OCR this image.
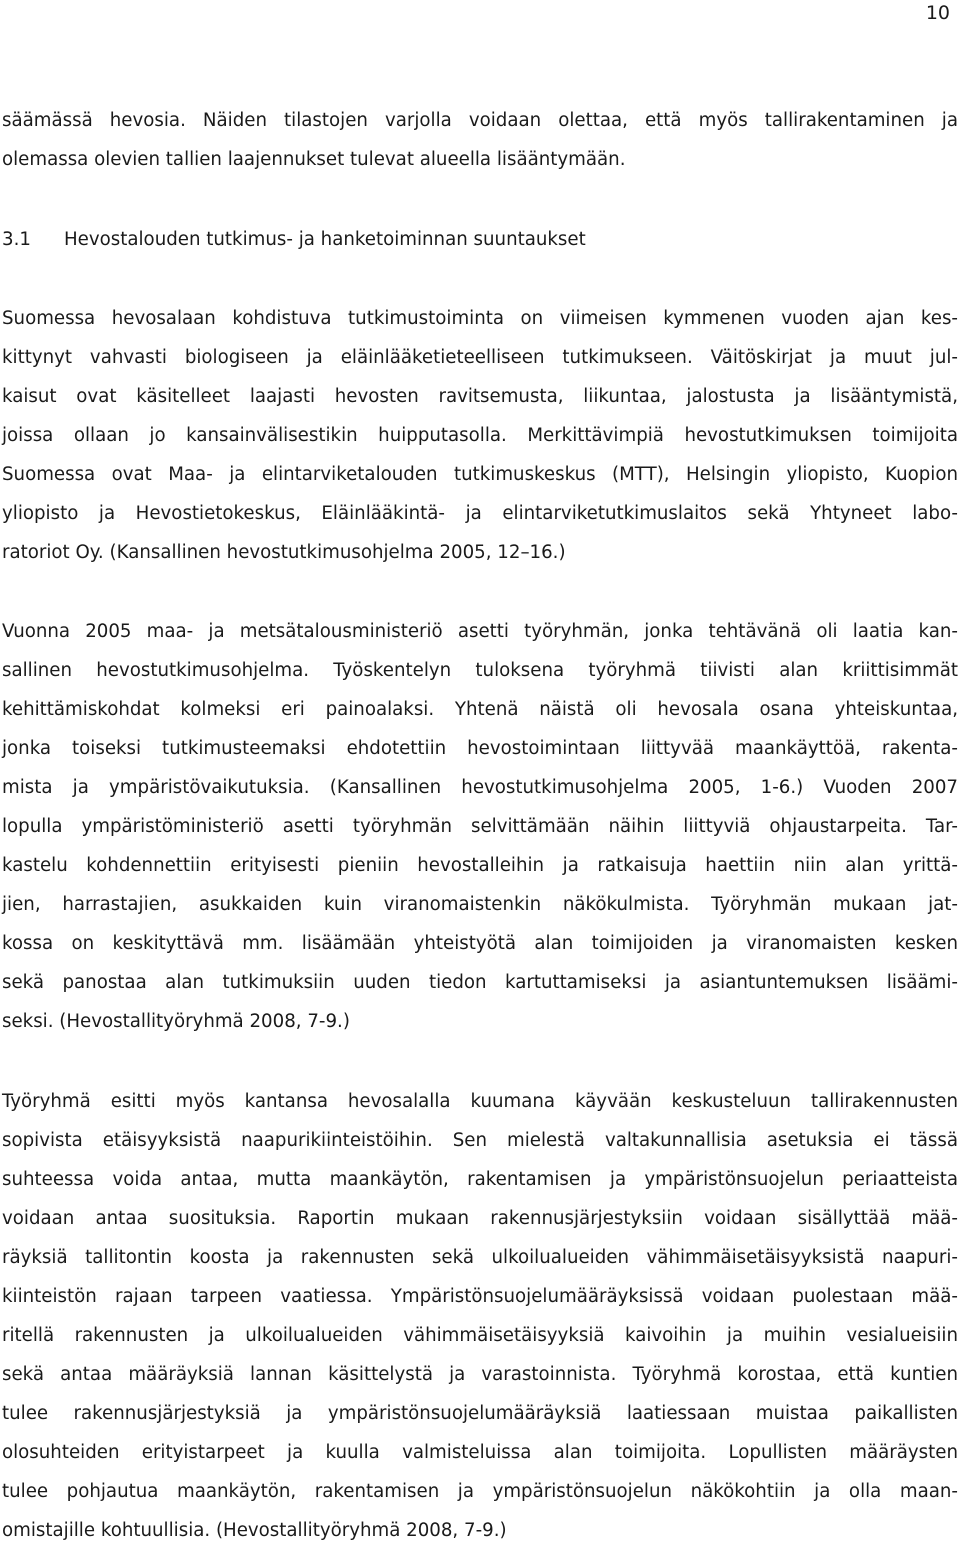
10
säämässä hevosia. Näiden tilastojen varjolla voidaan olettaa, että myös tallirakentaminen ja
olemassa olevien tallien laajennukset tulevat alueella lisääntymään.
3.1 Hevostalouden tutkimus- ja hanketoiminnan suuntaukset
Suomessa hevosalaan kohdistuva tutkimustoiminta on viimeisen kymmenen vuoden ajan kes-
kittynyt vahvasti biologiseen ja eläinlääketieteelliseen tutkimukseen. Väitöskirjat ja muut jul-
kaisut ovat käsitelleet laajasti hevosten ravitsemusta, liikuntaa, jalostusta ja lisääntymistä,
joissa ollaan jo kansainvälisestikin huipputasolla. Merkittävimpiä hevostutkimuksen toimijoita
Suomessa ovat Maa- ja elintarviketalouden tutkimuskeskus (MTT), Helsingin yliopisto, Kuopion
yliopisto ja Hevostietokeskus, Eläinlääkintä- ja elintarviketutkimuslaitos sekä Yhtyneet labo-
ratoriot Oy. (Kansallinen hevostutkimusohjelma 2005, 12–16.)
Vuonna 2005 maa- ja metsätalousministeriö asetti työryhmän, jonka tehtävänä oli laatia kan-
sallinen hevostutkimusohjelma. Työskentelyn tuloksena työryhmä tiivisti alan kriittisimmät
kehittämiskohdat kolmeksi eri painoalaksi. Yhtenä näistä oli hevosala osana yhteiskuntaa,
jonka toiseksi tutkimusteemaksi ehdotettiin hevostoimintaan liittyvää maankäyttöä, rakenta-
mista ja ympäristövaikutuksia. (Kansallinen hevostutkimusohjelma 2005, 1-6.) Vuoden 2007
lopulla ympäristöministeriö asetti työryhmän selvittämään näihin liittyviä ohjaustarpeita. Tar-
kastelu kohdennettiin erityisesti pieniin hevostalleihin ja ratkaisuja haettiin niin alan yrittä-
jien, harrastajien, asukkaiden kuin viranomaistenkin näkökulmista. Työryhmän mukaan jat-
kossa on keskityttävä mm. lisäämään yhteistyötä alan toimijoiden ja viranomaisten kesken
sekä panostaa alan tutkimuksiin uuden tiedon kartuttamiseksi ja asiantuntemuksen lisäämi-
seksi. (Hevostallityöryhmä 2008, 7-9.)
Työryhmä esitti myös kantansa hevosalalla kuumana käyvään keskusteluun tallirakennusten
sopivista etäisyyksistä naapurikiinteistöihin. Sen mielestä valtakunnallisia asetuksia ei tässä
suhteessa voida antaa, mutta maankäytön, rakentamisen ja ympäristönsuojelun periaatteista
voidaan antaa suosituksia. Raportin mukaan rakennusjärjestyksiin voidaan sisällyttää mää-
räyksiä tallitontin koosta ja rakennusten sekä ulkoilualueiden vähimmäisetäisyyksistä naapuri-
kiinteistön rajaan tarpeen vaatiessa. Ympäristönsuojelumääräyksissä voidaan puolestaan mää-
ritellä rakennusten ja ulkoilualueiden vähimmäisetäisyyksiä kaivoihin ja muihin vesialueisiin
sekä antaa määräyksiä lannan käsittelystä ja varastoinnista. Työryhmä korostaa, että kuntien
tulee rakennusjärjestyksiä ja ympäristönsuojelumääräyksiä laatiessaan muistaa paikallisten
olosuhteiden erityistarpeet ja kuulla valmisteluissa alan toimijoita. Lopullisten määräysten
tulee pohjautua maankäytön, rakentamisen ja ympäristönsuojelun näkökohtiin ja olla maan-
omistajille kohtuullisia. (Hevostallityöryhmä 2008, 7-9.)
